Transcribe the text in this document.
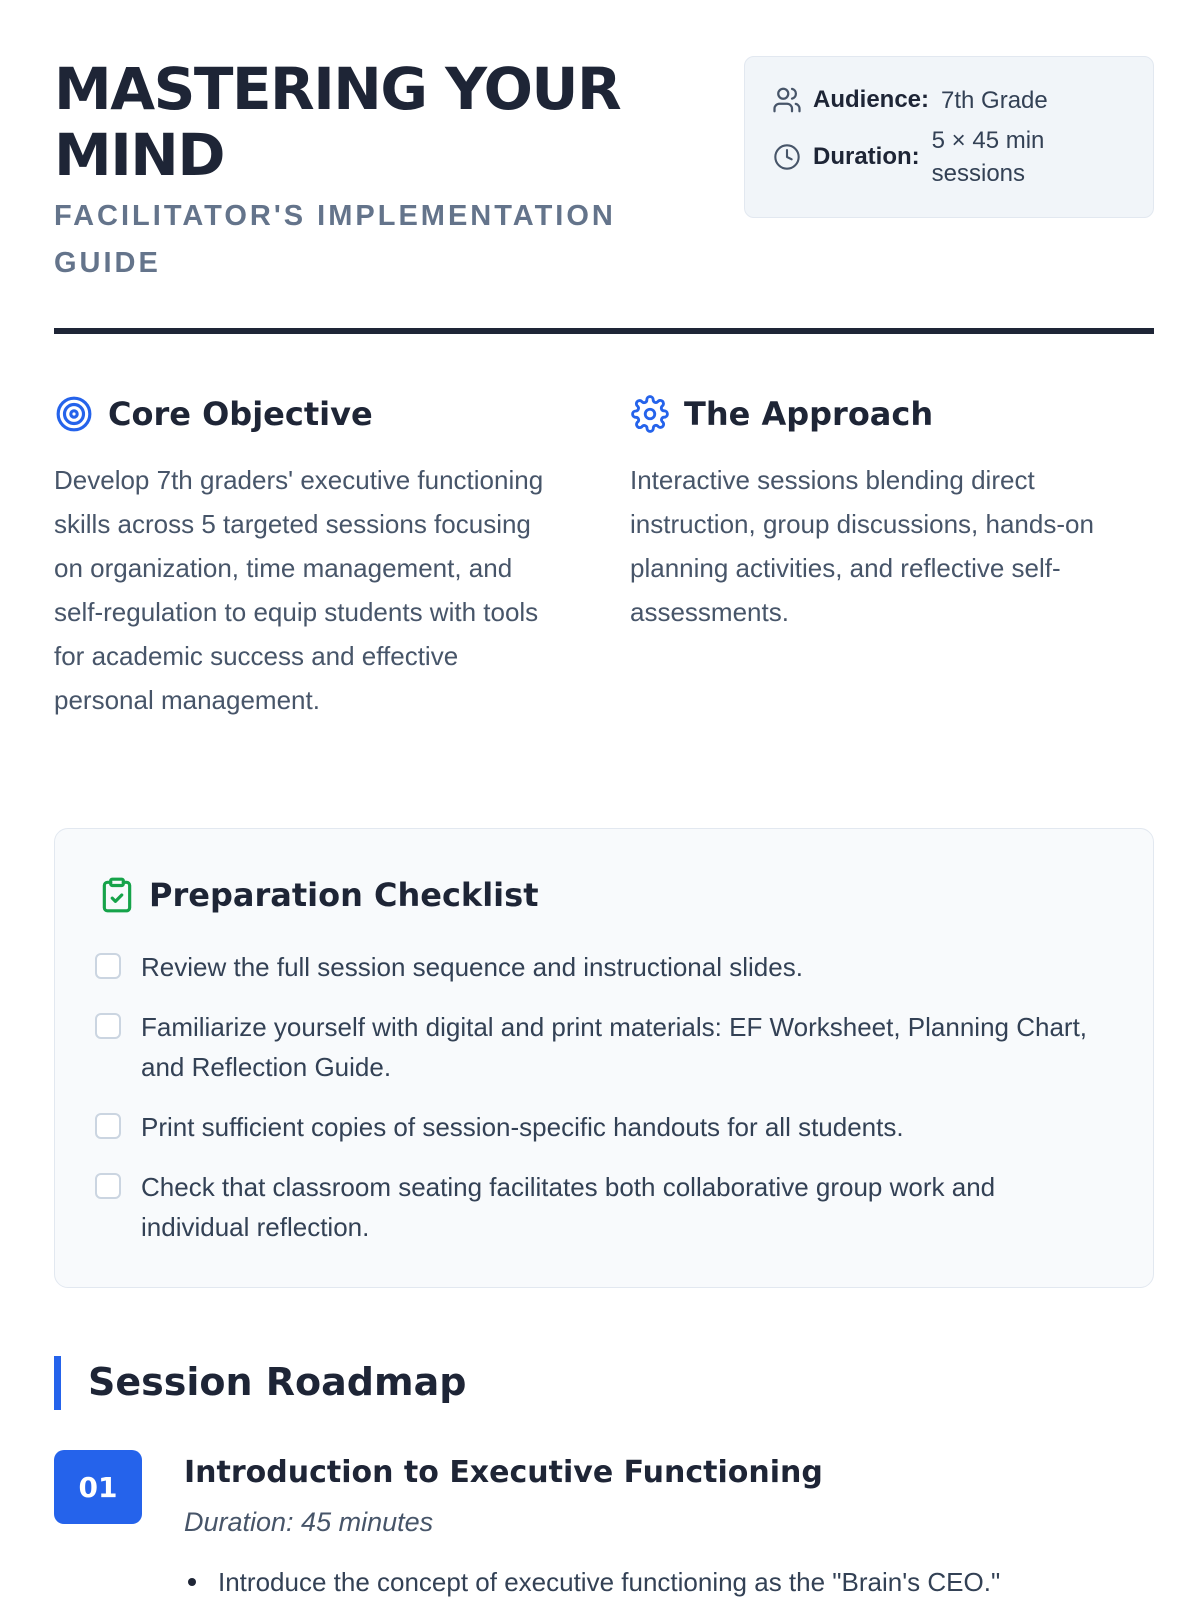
MASTERING YOUR MIND
FACILITATOR'S IMPLEMENTATION GUIDE
Audience: 7th Grade
Duration:
5 × 45 min sessions
Core Objective

Develop 7th graders' executive functioning skills across 5 targeted sessions focusing on organization, time management, and self-regulation to equip students with tools for academic success and effective personal management.

The Approach

Interactive sessions blending direct instruction, group discussions, hands-on planning activities, and reflective self-assessments.

Preparation Checklist
Review the full session sequence and instructional slides.
Familiarize yourself with digital and print materials: EF Worksheet, Planning Chart, and Reflection Guide.
Print sufficient copies of session-specific handouts for all students.
Check that classroom seating facilitates both collaborative group work and individual reflection.
Session Roadmap
01	Introduction to Executive Functioning
Duration: 45 minutes
Introduce the concept of executive functioning as the "Brain's CEO."
